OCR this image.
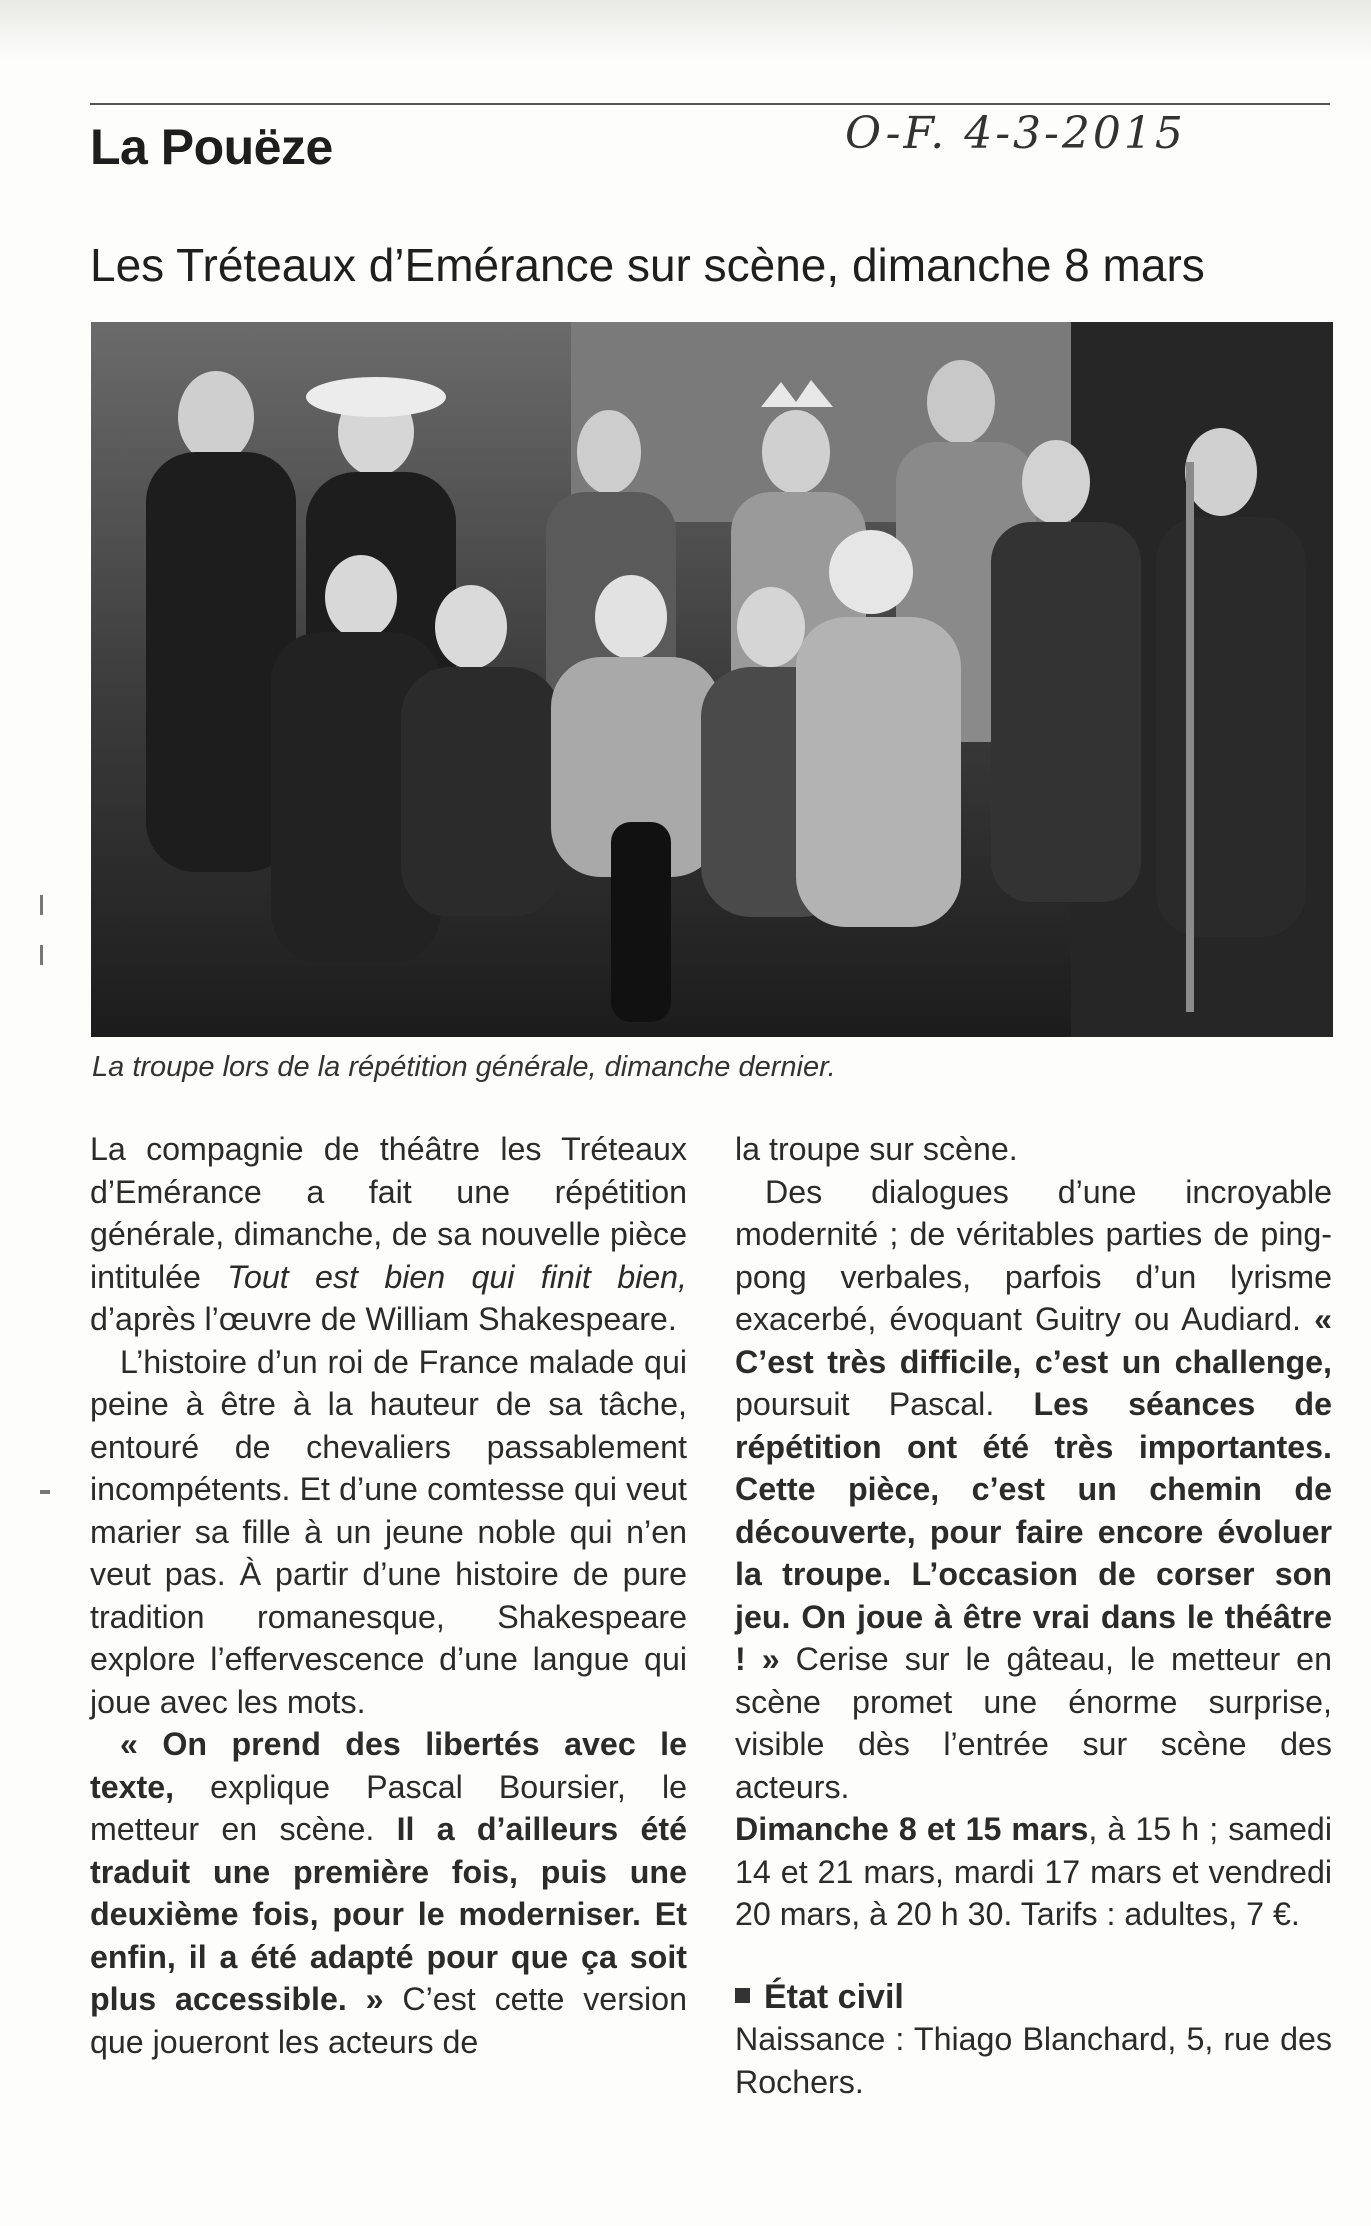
La Pouëze	O-F. 4-3-2015
Les Tréteaux d’Emérance sur scène, dimanche 8 mars
La troupe lors de la répétition générale, dimanche dernier.

La compagnie de théâtre les Tréteaux d’Emérance a fait une répétition générale, dimanche, de sa nouvelle pièce intitulée Tout est bien qui finit bien, d’après l’œuvre de William Shakespeare.

L’histoire d’un roi de France malade qui peine à être à la hauteur de sa tâche, entouré de chevaliers passablement incompétents. Et d’une comtesse qui veut marier sa fille à un jeune noble qui n’en veut pas. À partir d’une histoire de pure tradition romanesque, Shakespeare explore l’effervescence d’une langue qui joue avec les mots.

« On prend des libertés avec le texte, explique Pascal Boursier, le metteur en scène. Il a d’ailleurs été traduit une première fois, puis une deuxième fois, pour le moderniser. Et enfin, il a été adapté pour que ça soit plus accessible. » C’est cette version que joueront les acteurs de

la troupe sur scène.

Des dialogues d’une incroyable modernité ; de véritables parties de ping-pong verbales, parfois d’un lyrisme exacerbé, évoquant Guitry ou Audiard. « C’est très difficile, c’est un challenge, poursuit Pascal. Les séances de répétition ont été très importantes. Cette pièce, c’est un chemin de découverte, pour faire encore évoluer la troupe. L’occasion de corser son jeu. On joue à être vrai dans le théâtre ! » Cerise sur le gâteau, le metteur en scène promet une énorme surprise, visible dès l’entrée sur scène des acteurs.

Dimanche 8 et 15 mars, à 15 h ; samedi 14 et 21 mars, mardi 17 mars et vendredi 20 mars, à 20 h 30. Tarifs : adultes, 7 €.

État civil

Naissance : Thiago Blanchard, 5, rue des Rochers.
